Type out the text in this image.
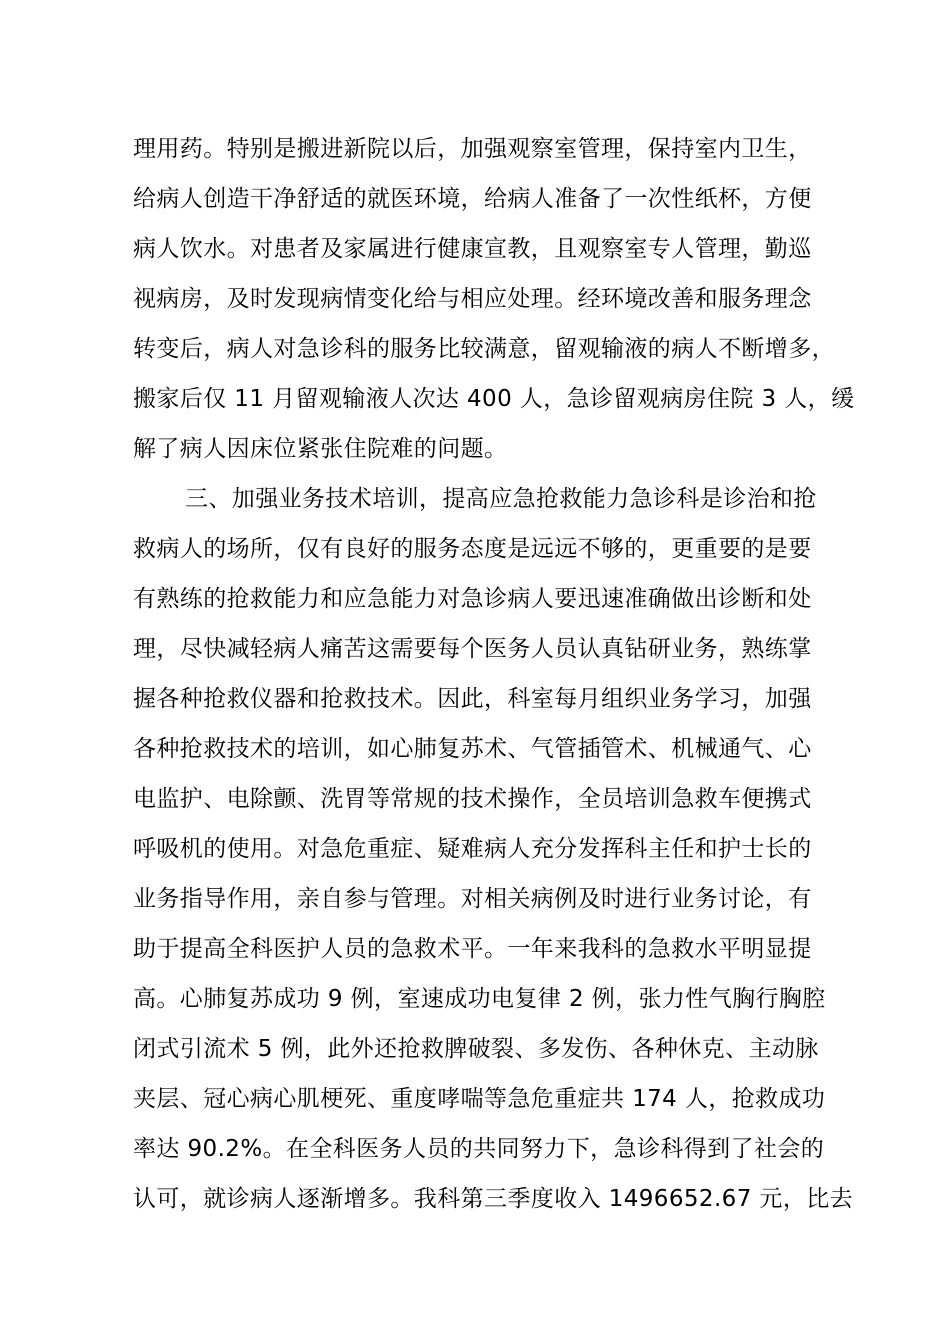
理用药。特别是搬进新院以后，加强观察室管理，保持室内卫生，
给病人创造干净舒适的就医环境，给病人准备了一次性纸杯，方便
病人饮水。对患者及家属进行健康宣教，且观察室专人管理，勤巡
视病房，及时发现病情变化给与相应处理。经环境改善和服务理念
转变后，病人对急诊科的服务比较满意，留观输液的病人不断增多，
搬家后仅 11 月留观输液人次达 400 人，急诊留观病房住院 3 人，缓
解了病人因床位紧张住院难的问题。
三、加强业务技术培训，提高应急抢救能力急诊科是诊治和抢
救病人的场所，仅有良好的服务态度是远远不够的，更重要的是要
有熟练的抢救能力和应急能力对急诊病人要迅速准确做出诊断和处
理，尽快减轻病人痛苦这需要每个医务人员认真钻研业务，熟练掌
握各种抢救仪器和抢救技术。因此，科室每月组织业务学习，加强
各种抢救技术的培训，如心肺复苏术、气管插管术、机械通气、心
电监护、电除颤、洗胃等常规的技术操作，全员培训急救车便携式
呼吸机的使用。对急危重症、疑难病人充分发挥科主任和护士长的
业务指导作用，亲自参与管理。对相关病例及时进行业务讨论，有
助于提高全科医护人员的急救术平。一年来我科的急救水平明显提
高。心肺复苏成功 9 例，室速成功电复律 2 例，张力性气胸行胸腔
闭式引流术 5 例，此外还抢救脾破裂、多发伤、各种休克、主动脉
夹层、冠心病心肌梗死、重度哮喘等急危重症共 174 人，抢救成功
率达 90.2%。在全科医务人员的共同努力下，急诊科得到了社会的
认可，就诊病人逐渐增多。我科第三季度收入 1496652.67 元，比去
